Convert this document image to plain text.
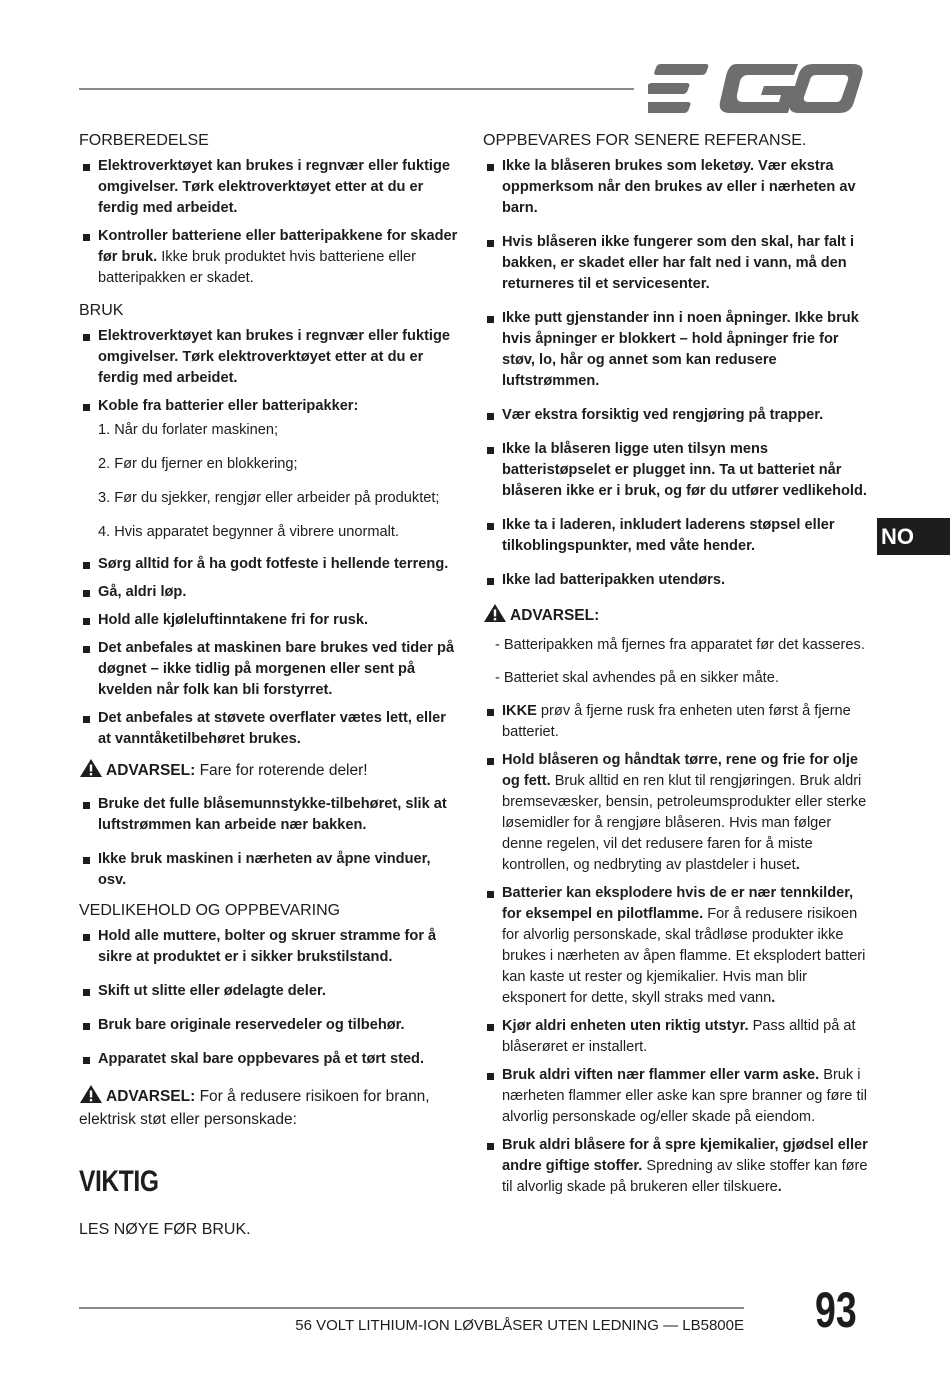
FORBEREDELSE
Elektroverktøyet kan brukes i regnvær eller fuktige omgivelser. Tørk elektroverktøyet etter at du er ferdig med arbeidet.
Kontroller batteriene eller batteripakkene for skader før bruk. Ikke bruk produktet hvis batteriene eller batteripakken er skadet.
BRUK
Elektroverktøyet kan brukes i regnvær eller fuktige omgivelser. Tørk elektroverktøyet etter at du er ferdig med arbeidet.
Koble fra batterier eller batteripakker:
1. Når du forlater maskinen;
2. Før du fjerner en blokkering;
3. Før du sjekker, rengjør eller arbeider på produktet;
4. Hvis apparatet begynner å vibrere unormalt.
Sørg alltid for å ha godt fotfeste i hellende terreng.
Gå, aldri løp.
Hold alle kjøleluftinntakene fri for rusk.
Det anbefales at maskinen bare brukes ved tider på døgnet – ikke tidlig på morgenen eller sent på kvelden når folk kan bli forstyrret.
Det anbefales at støvete overflater vætes lett, eller at vanntåketilbehøret brukes.
ADVARSEL: Fare for roterende deler!
Bruke det fulle blåsemunnstykke-tilbehøret, slik at luftstrømmen kan arbeide nær bakken.
Ikke bruk maskinen i nærheten av åpne vinduer, osv.
VEDLIKEHOLD OG OPPBEVARING
Hold alle muttere, bolter og skruer stramme for å sikre at produktet er i sikker brukstilstand.
Skift ut slitte eller ødelagte deler.
Bruk bare originale reservedeler og tilbehør.
Apparatet skal bare oppbevares på et tørt sted.
ADVARSEL: For å redusere risikoen for brann, elektrisk støt eller personskade:
VIKTIG
LES NØYE FØR BRUK.
OPPBEVARES FOR SENERE REFERANSE.
Ikke la blåseren brukes som leketøy. Vær ekstra oppmerksom når den brukes av eller i nærheten av barn.
Hvis blåseren ikke fungerer som den skal, har falt i bakken, er skadet eller har falt ned i vann, må den returneres til et servicesenter.
Ikke putt gjenstander inn i noen åpninger. Ikke bruk hvis åpninger er blokkert – hold åpninger frie for støv, lo, hår og annet som kan redusere luftstrømmen.
Vær ekstra forsiktig ved rengjøring på trapper.
Ikke la blåseren ligge uten tilsyn mens batteristøpselet er plugget inn. Ta ut batteriet når blåseren ikke er i bruk, og før du utfører vedlikehold.
Ikke ta i laderen, inkludert laderens støpsel eller tilkoblingspunkter, med våte hender.
Ikke lad batteripakken utendørs.
ADVARSEL:
- Batteripakken må fjernes fra apparatet før det kasseres.
- Batteriet skal avhendes på en sikker måte.
IKKE prøv å fjerne rusk fra enheten uten først å fjerne batteriet.
Hold blåseren og håndtak tørre, rene og frie for olje og fett. Bruk alltid en ren klut til rengjøringen. Bruk aldri bremsevæsker, bensin, petroleumsprodukter eller sterke løsemidler for å rengjøre blåseren. Hvis man følger denne regelen, vil det redusere faren for å miste kontrollen, og nedbryting av plastdeler i huset.
Batterier kan eksplodere hvis de er nær tennkilder, for eksempel en pilotflamme. For å redusere risikoen for alvorlig personskade, skal trådløse produkter ikke brukes i nærheten av åpen flamme. Et eksplodert batteri kan kaste ut rester og kjemikalier. Hvis man blir eksponert for dette, skyll straks med vann.
Kjør aldri enheten uten riktig utstyr. Pass alltid på at blåserøret er installert.
Bruk aldri viften nær flammer eller varm aske. Bruk i nærheten flammer eller aske kan spre branner og føre til alvorlig personskade og/eller skade på eiendom.
Bruk aldri blåsere for å spre kjemikalier, gjødsel eller andre giftige stoffer. Spredning av slike stoffer kan føre til alvorlig skade på brukeren eller tilskuere.
NO
56 VOLT LITHIUM-ION LØVBLÅSER UTEN LEDNING — LB5800E 93
